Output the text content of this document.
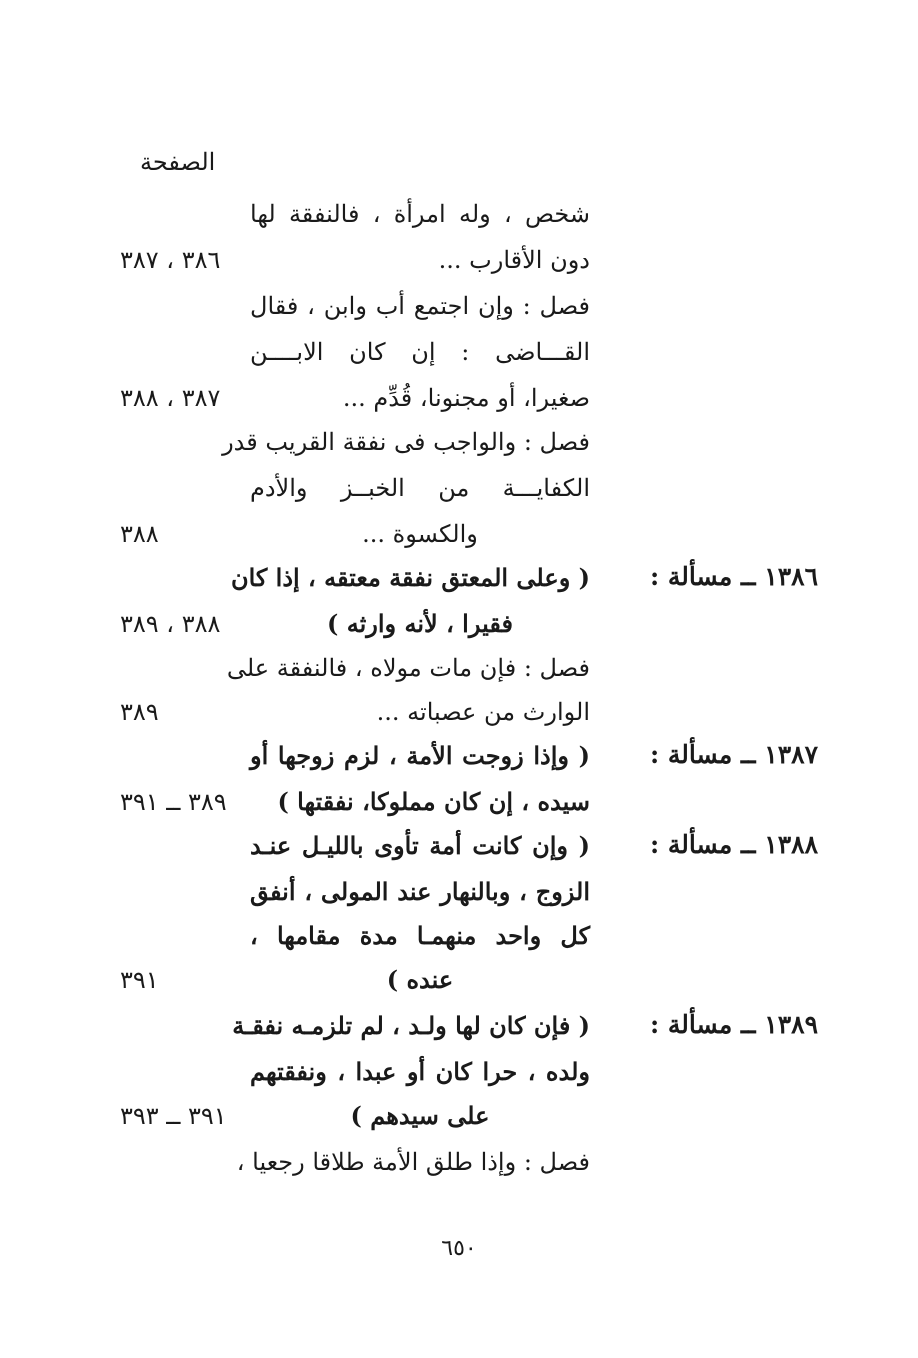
الصفحة
شخص ، وله امرأة ، فالنفقة لها
دون الأقارب ...
٣٨٦ ، ٣٨٧
فصل : وإن اجتمع أب وابن ، فقال
القـــاضى : إن كان الابــــن
صغيرا، أو مجنونا، قُدِّم ...
٣٨٧ ، ٣٨٨
فصل : والواجب فى نفقة القريب قدر
الكفايـــة من الخبــز والأدم
والكسوة ...
٣٨٨
١٣٨٦ ــ مسألة :
( وعلى المعتق نفقة معتقه ، إذا كان
فقيرا ، لأنه وارثه )
٣٨٨ ، ٣٨٩
فصل : فإن مات مولاه ، فالنفقة على
الوارث من عصباته ...
٣٨٩
١٣٨٧ ــ مسألة :
( وإذا زوجت الأمة ، لزم زوجها أو
سيده ، إن كان مملوكا، نفقتها )
٣٨٩ ــ ٣٩١
١٣٨٨ ــ مسألة :
( وإن كانت أمة تأوى بالليـل عنـد
الزوج ، وبالنهار عند المولى ، أنفق
كل واحد منهمـا مدة مقامها ،
عنده )
٣٩١
١٣٨٩ ــ مسألة :
( فإن كان لها ولـد ، لم تلزمـه نفقـة
ولده ، حرا كان أو عبدا ، ونفقتهم
على سيدهم )
٣٩١ ــ ٣٩٣
فصل : وإذا طلق الأمة طلاقا رجعيا ،
٦٥٠
